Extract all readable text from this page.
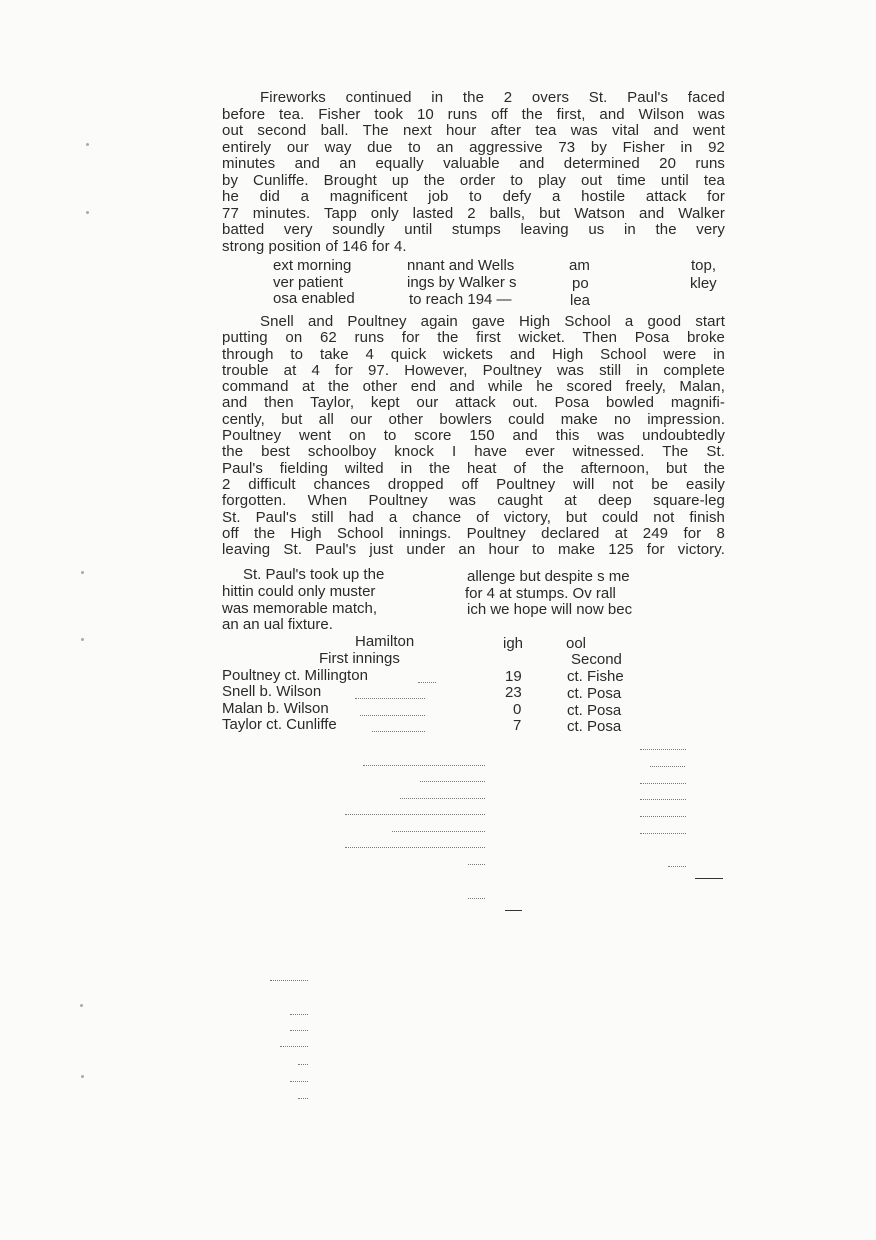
Fireworks continued in the 2 overs St. Paul's faced
before tea. Fisher took 10 runs off the first, and Wilson was
out second ball. The next hour after tea was vital and went
entirely our way due to an aggressive 73 by Fisher in 92
minutes and an equally valuable and determined 20 runs
by Cunliffe. Brought up the order to play out time until tea
he did a magnificent job to defy a hostile attack for
77 minutes. Tapp only lasted 2 balls, but Watson and Walker
batted very soundly until stumps leaving us in the very
strong position of 146 for 4.
ext morning	nnant and Wells	am	top,
ver patient	ings by Walker s	po	kley
osa enabled	to reach 194 —	lea
Snell and Poultney again gave High School a good start
putting on 62 runs for the first wicket. Then Posa broke
through to take 4 quick wickets and High School were in
trouble at 4 for 97. However, Poultney was still in complete
command at the other end and while he scored freely, Malan,
and then Taylor, kept our attack out. Posa bowled magnifi-
cently, but all our other bowlers could make no impression.
Poultney went on to score 150 and this was undoubtedly
the best schoolboy knock I have ever witnessed. The St.
Paul's fielding wilted in the heat of the afternoon, but the
2 difficult chances dropped off Poultney will not be easily
forgotten. When Poultney was caught at deep square-leg
St. Paul's still had a chance of victory, but could not finish
off the High School innings. Poultney declared at 249 for 8
leaving St. Paul's just under an hour to make 125 for victory.
St. Paul's took up the	allenge but despite s me
hittin could only muster	for 4 at stumps. Ov rall
was memorable match,	ich we hope will now bec
an an ual fixture.
Hamilton	igh	ool
First innings	Second
Poultney ct. Millington	19	ct. Fishe
Snell b. Wilson	23	ct. Posa
Malan b. Wilson	0	ct. Posa
Taylor ct. Cunliffe	7	ct. Posa
